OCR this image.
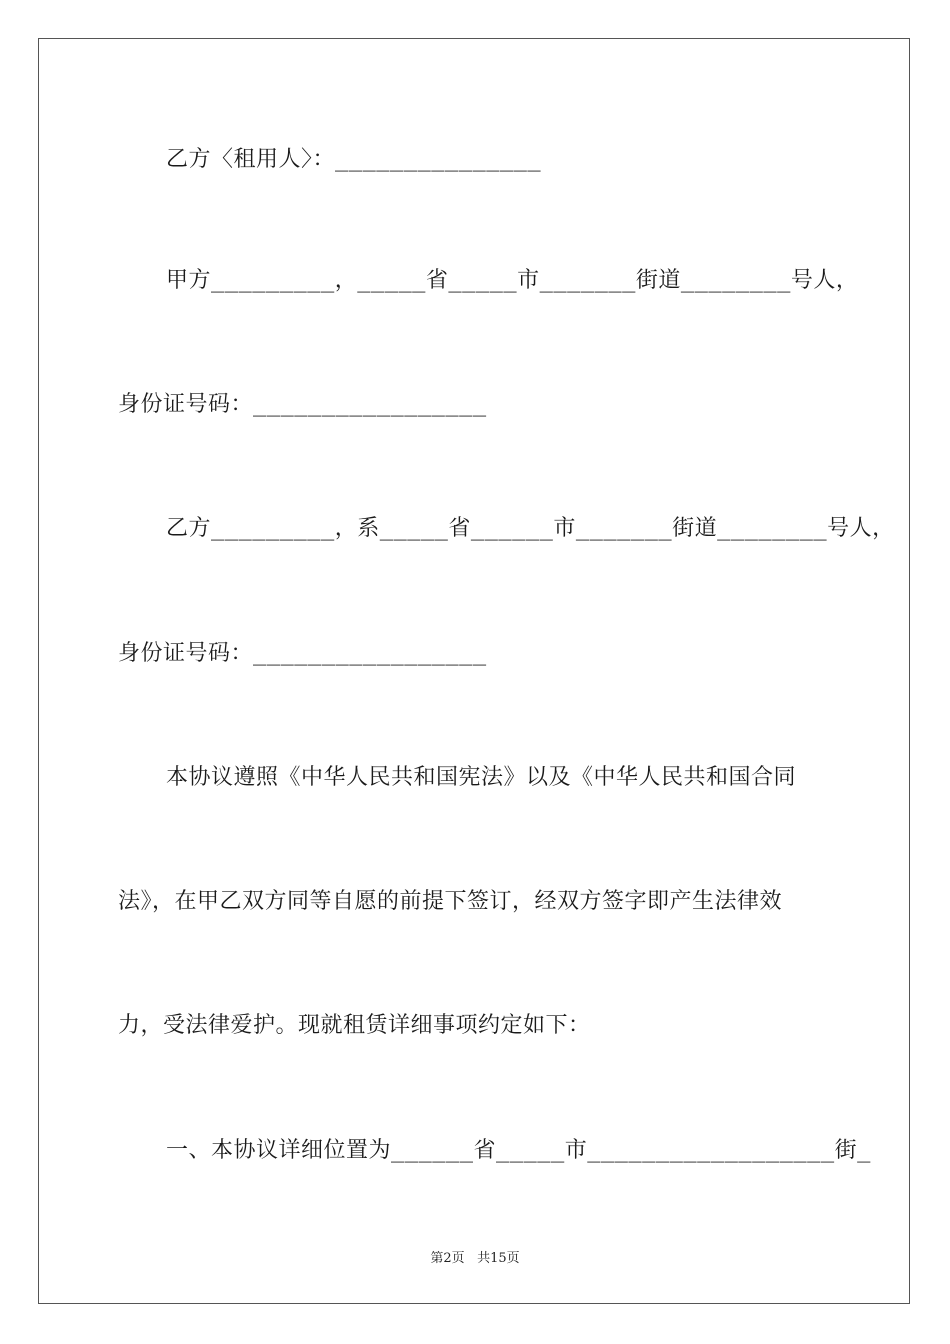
乙方〈租用人〉：_______________
甲方_________，_____省_____市_______街道________号人，
身份证号码：_________________
乙方_________，系_____省______市_______街道________号人，
身份证号码：_________________
本协议遵照《中华人民共和国宪法》以及《中华人民共和国合同
法》，在甲乙双方同等自愿的前提下签订，经双方签字即产生法律效
力，受法律爱护。现就租赁详细事项约定如下：
一、本协议详细位置为______省_____市__________________街_
第2页 共15页
